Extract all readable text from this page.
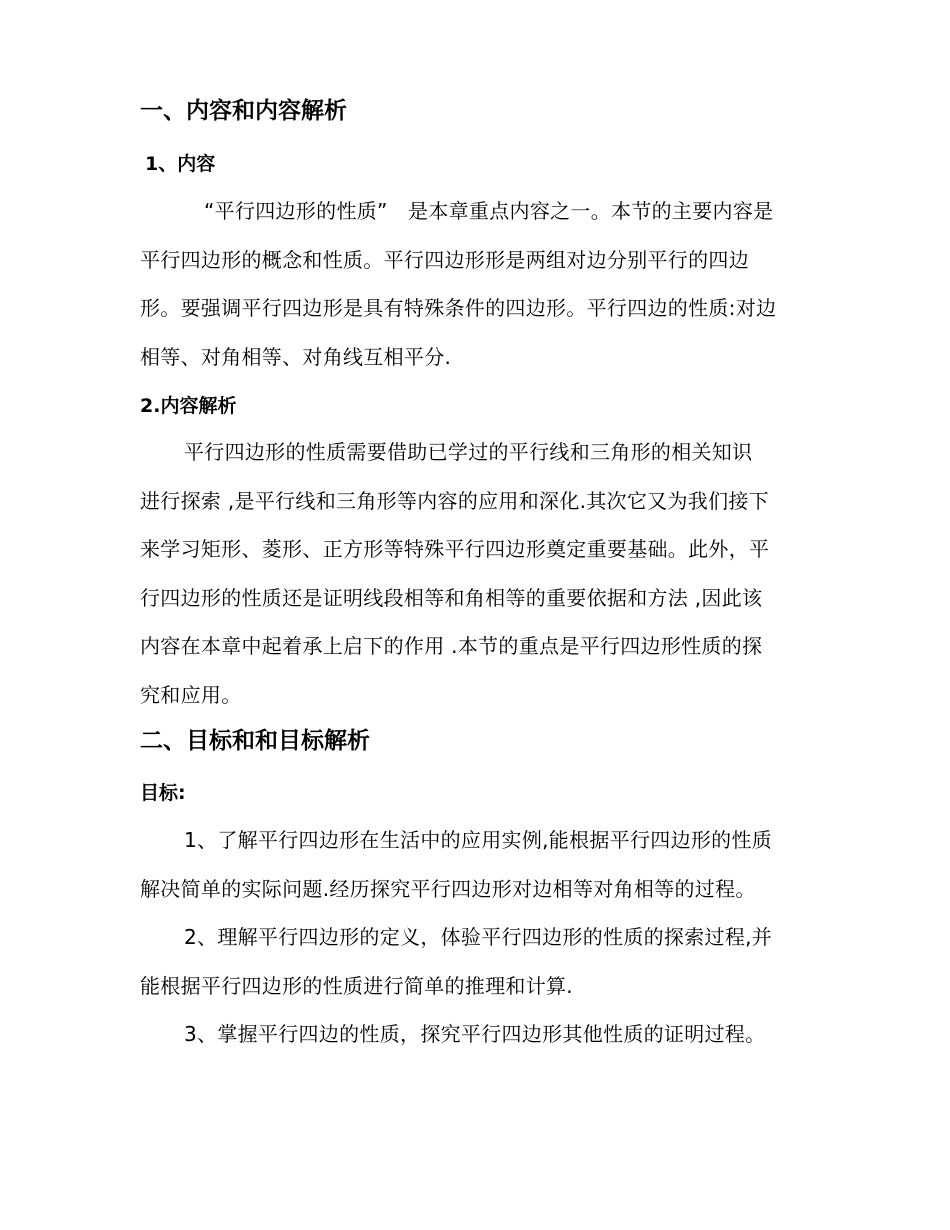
一、内容和内容解析
1、内容
“平行四边形的性质”　是本章重点内容之一。本节的主要内容是
平行四边形的概念和性质。平行四边形形是两组对边分别平行的四边
形。要强调平行四边形是具有特殊条件的四边形。平行四边的性质:对边
相等、对角相等、对角线互相平分.
2.内容解析
平行四边形的性质需要借助已学过的平行线和三角形的相关知识
进行探索 ,是平行线和三角形等内容的应用和深化.其次它又为我们接下
来学习矩形、菱形、正方形等特殊平行四边形奠定重要基础。此外，平
行四边形的性质还是证明线段相等和角相等的重要依据和方法 ,因此该
内容在本章中起着承上启下的作用 .本节的重点是平行四边形性质的探
究和应用。
二、目标和和目标解析
目标:
1、了解平行四边形在生活中的应用实例,能根据平行四边形的性质
解决简单的实际问题.经历探究平行四边形对边相等对角相等的过程。
2、理解平行四边形的定义，体验平行四边形的性质的探索过程,并
能根据平行四边形的性质进行简单的推理和计算.
3、掌握平行四边的性质，探究平行四边形其他性质的证明过程。
